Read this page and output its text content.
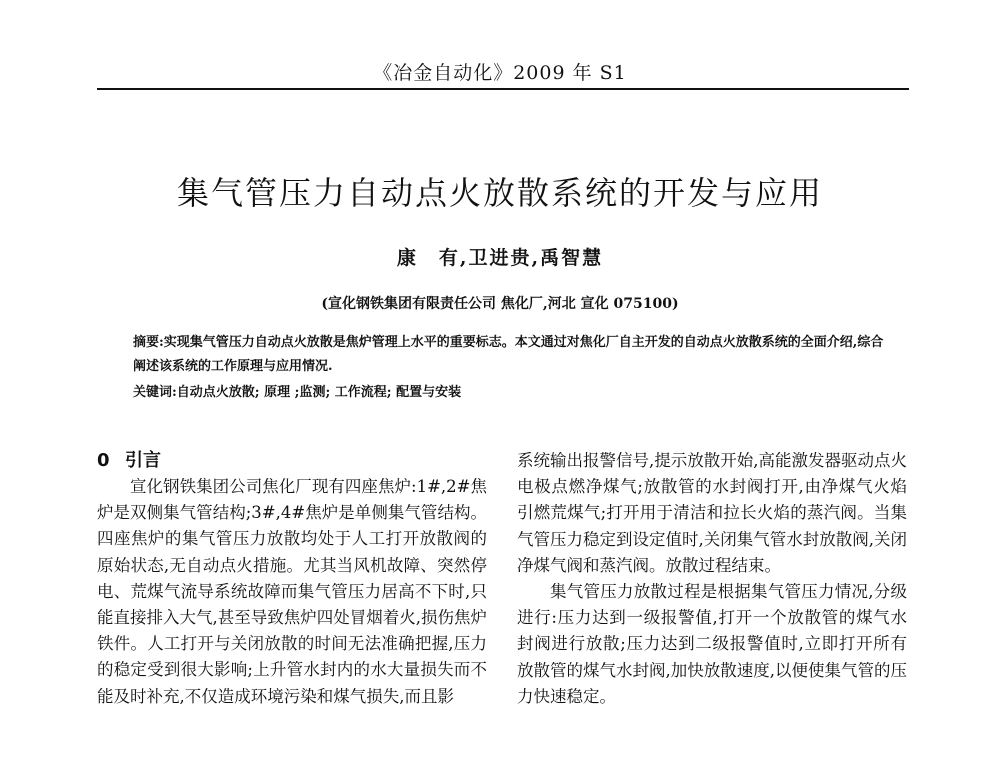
《冶金自动化》2009 年 S1
集气管压力自动点火放散系统的开发与应用
康　有,卫进贵,禹智慧
(宣化钢铁集团有限责任公司 焦化厂,河北 宣化 075100)

摘要:实现集气管压力自动点火放散是焦炉管理上水平的重要标志。本文通过对焦化厂自主开发的自动点火放散系统的全面介绍,综合阐述该系统的工作原理与应用情况.

关键词:自动点火放散; 原理 ;监测; 工作流程; 配置与安装

0 引言

宣化钢铁集团公司焦化厂现有四座焦炉:1#,2#焦炉是双侧集气管结构;3#,4#焦炉是单侧集气管结构。四座焦炉的集气管压力放散均处于人工打开放散阀的原始状态,无自动点火措施。尤其当风机故障、突然停电、荒煤气流导系统故障而集气管压力居高不下时,只能直接排入大气,甚至导致焦炉四处冒烟着火,损伤焦炉铁件。人工打开与关闭放散的时间无法准确把握,压力的稳定受到很大影响;上升管水封内的水大量损失而不能及时补充,不仅造成环境污染和煤气损失,而且影

系统输出报警信号,提示放散开始,高能激发器驱动点火电极点燃净煤气;放散管的水封阀打开,由净煤气火焰引燃荒煤气;打开用于清洁和拉长火焰的蒸汽阀。当集气管压力稳定到设定值时,关闭集气管水封放散阀,关闭净煤气阀和蒸汽阀。放散过程结束。

集气管压力放散过程是根据集气管压力情况,分级进行:压力达到一级报警值,打开一个放散管的煤气水封阀进行放散;压力达到二级报警值时,立即打开所有放散管的煤气水封阀,加快放散速度,以便使集气管的压力快速稳定。
